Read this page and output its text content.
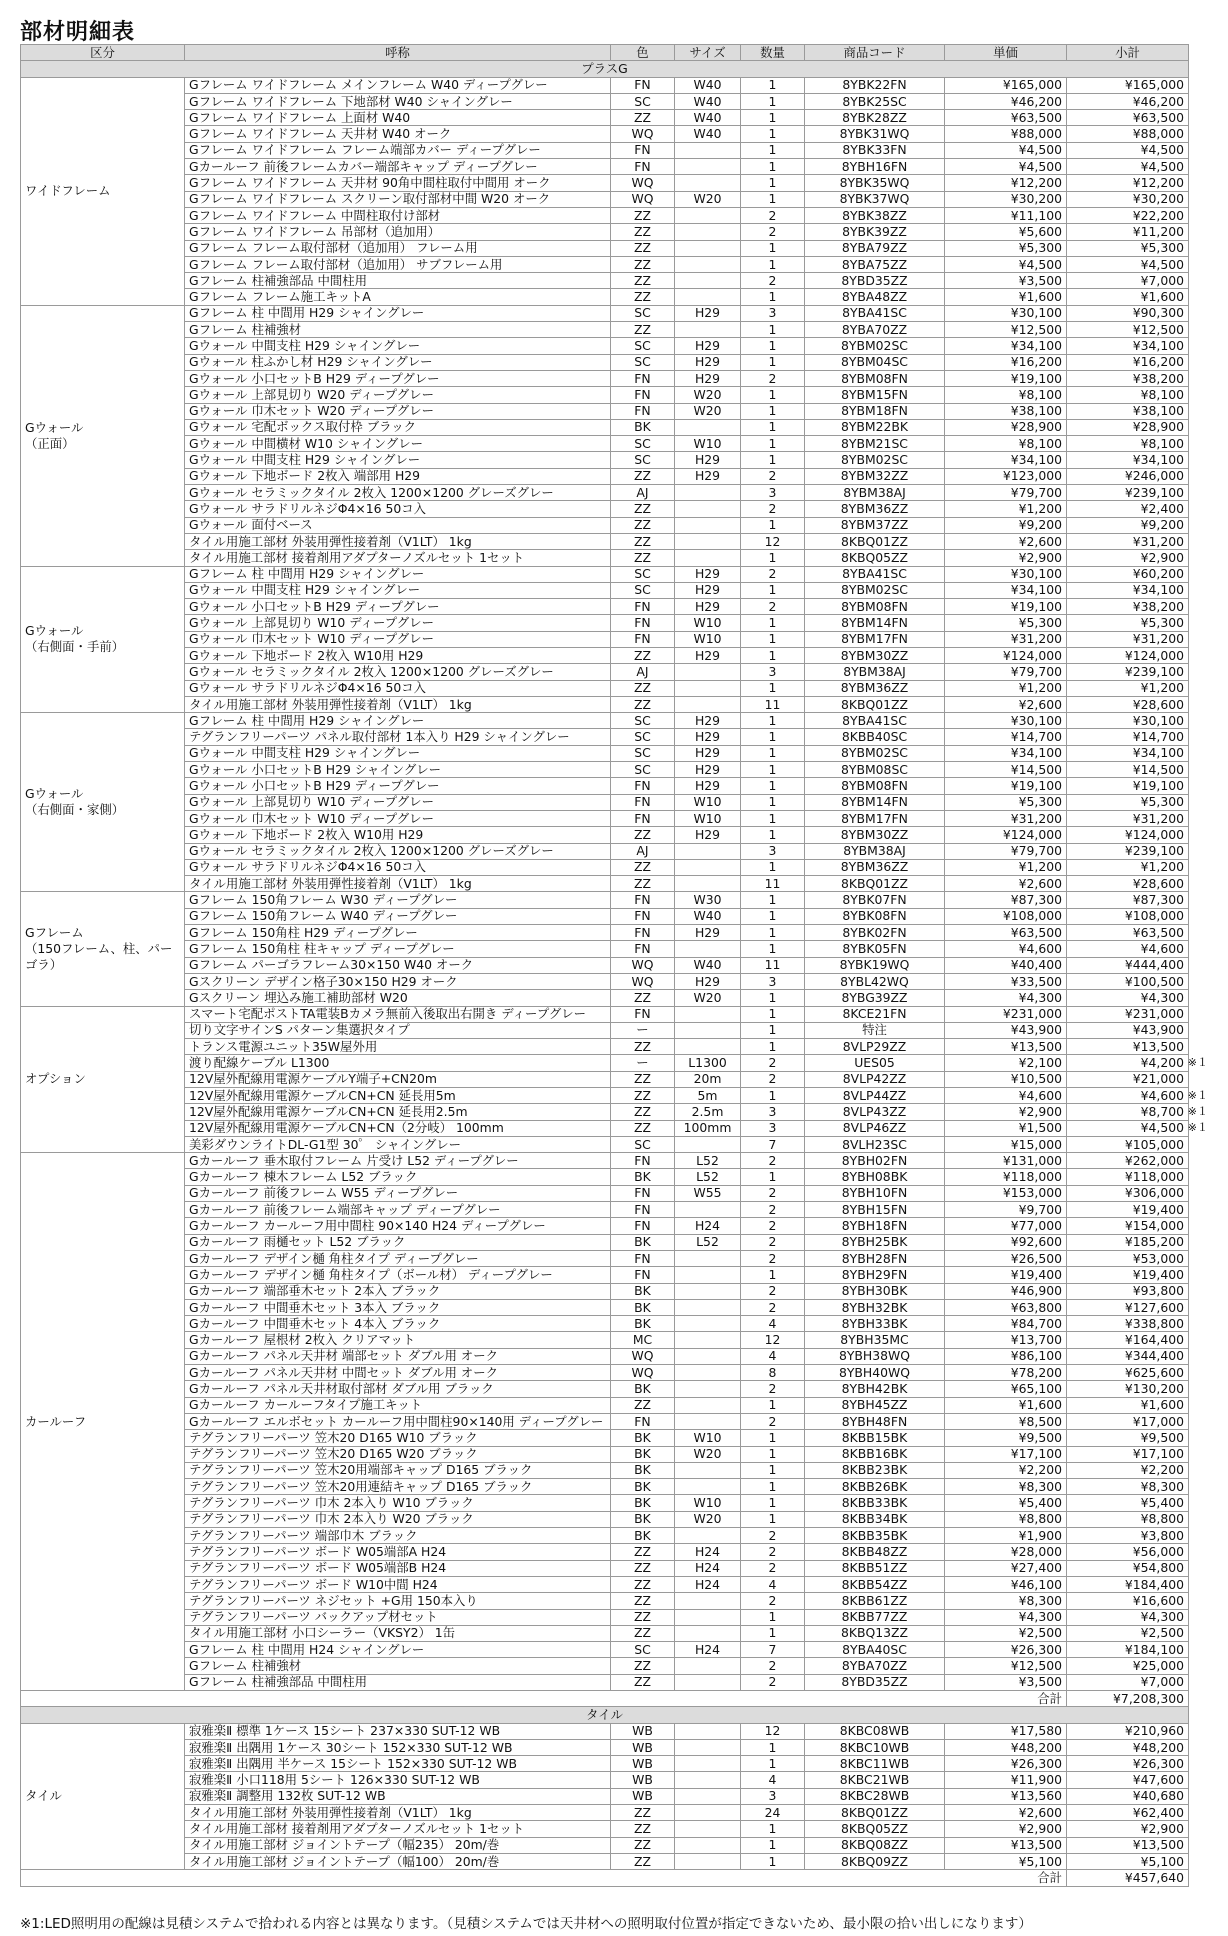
部材明細表
区分	呼称	色	サイズ	数量	商品コード	単価	小計
プラスG							
ワイドフレーム	Gフレーム ワイドフレーム メインフレーム W40 ディープグレー	FN	W40	1	8YBK22FN	¥165,000	¥165,000
	Gフレーム ワイドフレーム 下地部材 W40 シャイングレー	SC	W40	1	8YBK25SC	¥46,200	¥46,200
	Gフレーム ワイドフレーム 上面材 W40	ZZ	W40	1	8YBK28ZZ	¥63,500	¥63,500
	Gフレーム ワイドフレーム 天井材 W40 オーク	WQ	W40	1	8YBK31WQ	¥88,000	¥88,000
	Gフレーム ワイドフレーム フレーム端部カバー ディープグレー	FN		1	8YBK33FN	¥4,500	¥4,500
	Gカールーフ 前後フレームカバー端部キャップ ディープグレー	FN		1	8YBH16FN	¥4,500	¥4,500
	Gフレーム ワイドフレーム 天井材 90角中間柱取付中間用 オーク	WQ		1	8YBK35WQ	¥12,200	¥12,200
	Gフレーム ワイドフレーム スクリーン取付部材中間 W20 オーク	WQ	W20	1	8YBK37WQ	¥30,200	¥30,200
	Gフレーム ワイドフレーム 中間柱取付け部材	ZZ		2	8YBK38ZZ	¥11,100	¥22,200
	Gフレーム ワイドフレーム 吊部材（追加用）	ZZ		2	8YBK39ZZ	¥5,600	¥11,200
	Gフレーム フレーム取付部材（追加用） フレーム用	ZZ		1	8YBA79ZZ	¥5,300	¥5,300
	Gフレーム フレーム取付部材（追加用） サブフレーム用	ZZ		1	8YBA75ZZ	¥4,500	¥4,500
	Gフレーム 柱補強部品 中間柱用	ZZ		2	8YBD35ZZ	¥3,500	¥7,000
	Gフレーム フレーム施工キットA	ZZ		1	8YBA48ZZ	¥1,600	¥1,600
Gウォール
（正面）	Gフレーム 柱 中間用 H29 シャイングレー	SC	H29	3	8YBA41SC	¥30,100	¥90,300
	Gフレーム 柱補強材	ZZ		1	8YBA70ZZ	¥12,500	¥12,500
	Gウォール 中間支柱 H29 シャイングレー	SC	H29	1	8YBM02SC	¥34,100	¥34,100
	Gウォール 柱ふかし材 H29 シャイングレー	SC	H29	1	8YBM04SC	¥16,200	¥16,200
	Gウォール 小口セットB H29 ディープグレー	FN	H29	2	8YBM08FN	¥19,100	¥38,200
	Gウォール 上部見切り W20 ディープグレー	FN	W20	1	8YBM15FN	¥8,100	¥8,100
	Gウォール 巾木セット W20 ディープグレー	FN	W20	1	8YBM18FN	¥38,100	¥38,100
	Gウォール 宅配ボックス取付枠 ブラック	BK		1	8YBM22BK	¥28,900	¥28,900
	Gウォール 中間横材 W10 シャイングレー	SC	W10	1	8YBM21SC	¥8,100	¥8,100
	Gウォール 中間支柱 H29 シャイングレー	SC	H29	1	8YBM02SC	¥34,100	¥34,100
	Gウォール 下地ボード 2枚入 端部用 H29	ZZ	H29	2	8YBM32ZZ	¥123,000	¥246,000
	Gウォール セラミックタイル 2枚入 1200×1200 グレーズグレー	AJ		3	8YBM38AJ	¥79,700	¥239,100
	Gウォール サラドリルネジΦ4×16 50コ入	ZZ		2	8YBM36ZZ	¥1,200	¥2,400
	Gウォール 面付ベース	ZZ		1	8YBM37ZZ	¥9,200	¥9,200
	タイル用施工部材 外装用弾性接着剤（V1LT） 1kg	ZZ		12	8KBQ01ZZ	¥2,600	¥31,200
	タイル用施工部材 接着剤用アダプターノズルセット 1セット	ZZ		1	8KBQ05ZZ	¥2,900	¥2,900
Gウォール
（右側面・手前）	Gフレーム 柱 中間用 H29 シャイングレー	SC	H29	2	8YBA41SC	¥30,100	¥60,200
	Gウォール 中間支柱 H29 シャイングレー	SC	H29	1	8YBM02SC	¥34,100	¥34,100
	Gウォール 小口セットB H29 ディープグレー	FN	H29	2	8YBM08FN	¥19,100	¥38,200
	Gウォール 上部見切り W10 ディープグレー	FN	W10	1	8YBM14FN	¥5,300	¥5,300
	Gウォール 巾木セット W10 ディープグレー	FN	W10	1	8YBM17FN	¥31,200	¥31,200
	Gウォール 下地ボード 2枚入 W10用 H29	ZZ	H29	1	8YBM30ZZ	¥124,000	¥124,000
	Gウォール セラミックタイル 2枚入 1200×1200 グレーズグレー	AJ		3	8YBM38AJ	¥79,700	¥239,100
	Gウォール サラドリルネジΦ4×16 50コ入	ZZ		1	8YBM36ZZ	¥1,200	¥1,200
	タイル用施工部材 外装用弾性接着剤（V1LT） 1kg	ZZ		11	8KBQ01ZZ	¥2,600	¥28,600
Gウォール
（右側面・家側）	Gフレーム 柱 中間用 H29 シャイングレー	SC	H29	1	8YBA41SC	¥30,100	¥30,100
	テグランフリーパーツ パネル取付部材 1本入り H29 シャイングレー	SC	H29	1	8KBB40SC	¥14,700	¥14,700
	Gウォール 中間支柱 H29 シャイングレー	SC	H29	1	8YBM02SC	¥34,100	¥34,100
	Gウォール 小口セットB H29 シャイングレー	SC	H29	1	8YBM08SC	¥14,500	¥14,500
	Gウォール 小口セットB H29 ディープグレー	FN	H29	1	8YBM08FN	¥19,100	¥19,100
	Gウォール 上部見切り W10 ディープグレー	FN	W10	1	8YBM14FN	¥5,300	¥5,300
	Gウォール 巾木セット W10 ディープグレー	FN	W10	1	8YBM17FN	¥31,200	¥31,200
	Gウォール 下地ボード 2枚入 W10用 H29	ZZ	H29	1	8YBM30ZZ	¥124,000	¥124,000
	Gウォール セラミックタイル 2枚入 1200×1200 グレーズグレー	AJ		3	8YBM38AJ	¥79,700	¥239,100
	Gウォール サラドリルネジΦ4×16 50コ入	ZZ		1	8YBM36ZZ	¥1,200	¥1,200
	タイル用施工部材 外装用弾性接着剤（V1LT） 1kg	ZZ		11	8KBQ01ZZ	¥2,600	¥28,600
Gフレーム
（150フレーム、柱、パーゴラ）	Gフレーム 150角フレーム W30 ディープグレー	FN	W30	1	8YBK07FN	¥87,300	¥87,300
	Gフレーム 150角フレーム W40 ディープグレー	FN	W40	1	8YBK08FN	¥108,000	¥108,000
	Gフレーム 150角柱 H29 ディープグレー	FN	H29	1	8YBK02FN	¥63,500	¥63,500
	Gフレーム 150角柱 柱キャップ ディープグレー	FN		1	8YBK05FN	¥4,600	¥4,600
	Gフレーム パーゴラフレーム30×150 W40 オーク	WQ	W40	11	8YBK19WQ	¥40,400	¥444,400
	Gスクリーン デザイン格子30×150 H29 オーク	WQ	H29	3	8YBL42WQ	¥33,500	¥100,500
	Gスクリーン 埋込み施工補助部材 W20	ZZ	W20	1	8YBG39ZZ	¥4,300	¥4,300
オプション	スマート宅配ポストTA電装Bカメラ無前入後取出右開き ディープグレー	FN		1	8KCE21FN	¥231,000	¥231,000

	切り文字サインS パターン集選択タイプ	ー		1	特注	¥43,900	¥43,900

	トランス電源ユニット35W屋外用	ZZ		1	8VLP29ZZ	¥13,500	¥13,500

	渡り配線ケーブル L1300	ー	L1300	2	UES05	¥2,100	¥4,200 ※１

	12V屋外配線用電源ケーブルY端子+CN20m	ZZ	20m	2	8VLP42ZZ	¥10,500	¥21,000

	12V屋外配線用電源ケーブルCN+CN 延長用5m	ZZ	5m	1	8VLP44ZZ	¥4,600	¥4,600 ※１

	12V屋外配線用電源ケーブルCN+CN 延長用2.5m	ZZ	2.5m	3	8VLP43ZZ	¥2,900	¥8,700 ※１

	12V屋外配線用電源ケーブルCN+CN（2分岐） 100mm	ZZ	100mm	3	8VLP46ZZ	¥1,500	¥4,500 ※１

	美彩ダウンライトDL-G1型 30゜ シャイングレー	SC		7	8VLH23SC	¥15,000	¥105,000

カールーフ	Gカールーフ 垂木取付フレーム 片受け L52 ディープグレー	FN	L52	2	8YBH02FN	¥131,000	¥262,000
	Gカールーフ 棟木フレーム L52 ブラック	BK	L52	1	8YBH08BK	¥118,000	¥118,000
	Gカールーフ 前後フレーム W55 ディープグレー	FN	W55	2	8YBH10FN	¥153,000	¥306,000
	Gカールーフ 前後フレーム端部キャップ ディープグレー	FN		2	8YBH15FN	¥9,700	¥19,400
	Gカールーフ カールーフ用中間柱 90×140 H24 ディープグレー	FN	H24	2	8YBH18FN	¥77,000	¥154,000
	Gカールーフ 雨樋セット L52 ブラック	BK	L52	2	8YBH25BK	¥92,600	¥185,200
	Gカールーフ デザイン樋 角柱タイプ ディープグレー	FN		2	8YBH28FN	¥26,500	¥53,000
	Gカールーフ デザイン樋 角柱タイプ（ボール材） ディープグレー	FN		1	8YBH29FN	¥19,400	¥19,400
	Gカールーフ 端部垂木セット 2本入 ブラック	BK		2	8YBH30BK	¥46,900	¥93,800
	Gカールーフ 中間垂木セット 3本入 ブラック	BK		2	8YBH32BK	¥63,800	¥127,600
	Gカールーフ 中間垂木セット 4本入 ブラック	BK		4	8YBH33BK	¥84,700	¥338,800
	Gカールーフ 屋根材 2枚入 クリアマット	MC		12	8YBH35MC	¥13,700	¥164,400
	Gカールーフ パネル天井材 端部セット ダブル用 オーク	WQ		4	8YBH38WQ	¥86,100	¥344,400
	Gカールーフ パネル天井材 中間セット ダブル用 オーク	WQ		8	8YBH40WQ	¥78,200	¥625,600
	Gカールーフ パネル天井材取付部材 ダブル用 ブラック	BK		2	8YBH42BK	¥65,100	¥130,200
	Gカールーフ カールーフタイプ施工キット	ZZ		1	8YBH45ZZ	¥1,600	¥1,600
	Gカールーフ エルボセット カールーフ用中間柱90×140用 ディープグレー	FN		2	8YBH48FN	¥8,500	¥17,000
	テグランフリーパーツ 笠木20 D165 W10 ブラック	BK	W10	1	8KBB15BK	¥9,500	¥9,500
	テグランフリーパーツ 笠木20 D165 W20 ブラック	BK	W20	1	8KBB16BK	¥17,100	¥17,100
	テグランフリーパーツ 笠木20用端部キャップ D165 ブラック	BK		1	8KBB23BK	¥2,200	¥2,200
	テグランフリーパーツ 笠木20用連結キャップ D165 ブラック	BK		1	8KBB26BK	¥8,300	¥8,300
	テグランフリーパーツ 巾木 2本入り W10 ブラック	BK	W10	1	8KBB33BK	¥5,400	¥5,400
	テグランフリーパーツ 巾木 2本入り W20 ブラック	BK	W20	1	8KBB34BK	¥8,800	¥8,800
	テグランフリーパーツ 端部巾木 ブラック	BK		2	8KBB35BK	¥1,900	¥3,800
	テグランフリーパーツ ボード W05端部A H24	ZZ	H24	2	8KBB48ZZ	¥28,000	¥56,000
	テグランフリーパーツ ボード W05端部B H24	ZZ	H24	2	8KBB51ZZ	¥27,400	¥54,800
	テグランフリーパーツ ボード W10中間 H24	ZZ	H24	4	8KBB54ZZ	¥46,100	¥184,400
	テグランフリーパーツ ネジセット +G用 150本入り	ZZ		2	8KBB61ZZ	¥8,300	¥16,600
	テグランフリーパーツ バックアップ材セット	ZZ		1	8KBB77ZZ	¥4,300	¥4,300
	タイル用施工部材 小口シーラー（VKSY2） 1缶	ZZ		1	8KBQ13ZZ	¥2,500	¥2,500
	Gフレーム 柱 中間用 H24 シャイングレー	SC	H24	7	8YBA40SC	¥26,300	¥184,100
	Gフレーム 柱補強材	ZZ		2	8YBA70ZZ	¥12,500	¥25,000
	Gフレーム 柱補強部品 中間柱用	ZZ		2	8YBD35ZZ	¥3,500	¥7,000
合計							¥7,208,300
タイル							
タイル	寂雅楽Ⅱ 標準 1ケース 15シート 237×330 SUT-12 WB	WB		12	8KBC08WB	¥17,580	¥210,960
	寂雅楽Ⅱ 出隅用 1ケース 30シート 152×330 SUT-12 WB	WB		1	8KBC10WB	¥48,200	¥48,200
	寂雅楽Ⅱ 出隅用 半ケース 15シート 152×330 SUT-12 WB	WB		1	8KBC11WB	¥26,300	¥26,300
	寂雅楽Ⅱ 小口118用 5シート 126×330 SUT-12 WB	WB		4	8KBC21WB	¥11,900	¥47,600
	寂雅楽Ⅱ 調整用 132枚 SUT-12 WB	WB		3	8KBC28WB	¥13,560	¥40,680
	タイル用施工部材 外装用弾性接着剤（V1LT） 1kg	ZZ		24	8KBQ01ZZ	¥2,600	¥62,400
	タイル用施工部材 接着剤用アダプターノズルセット 1セット	ZZ		1	8KBQ05ZZ	¥2,900	¥2,900
	タイル用施工部材 ジョイントテープ（幅235） 20m/巻	ZZ		1	8KBQ08ZZ	¥13,500	¥13,500
	タイル用施工部材 ジョイントテープ（幅100） 20m/巻	ZZ		1	8KBQ09ZZ	¥5,100	¥5,100
合計							¥457,640
※1:LED照明用の配線は見積システムで拾われる内容とは異なります。（見積システムでは天井材への照明取付位置が指定できないため、最小限の拾い出しになります）
